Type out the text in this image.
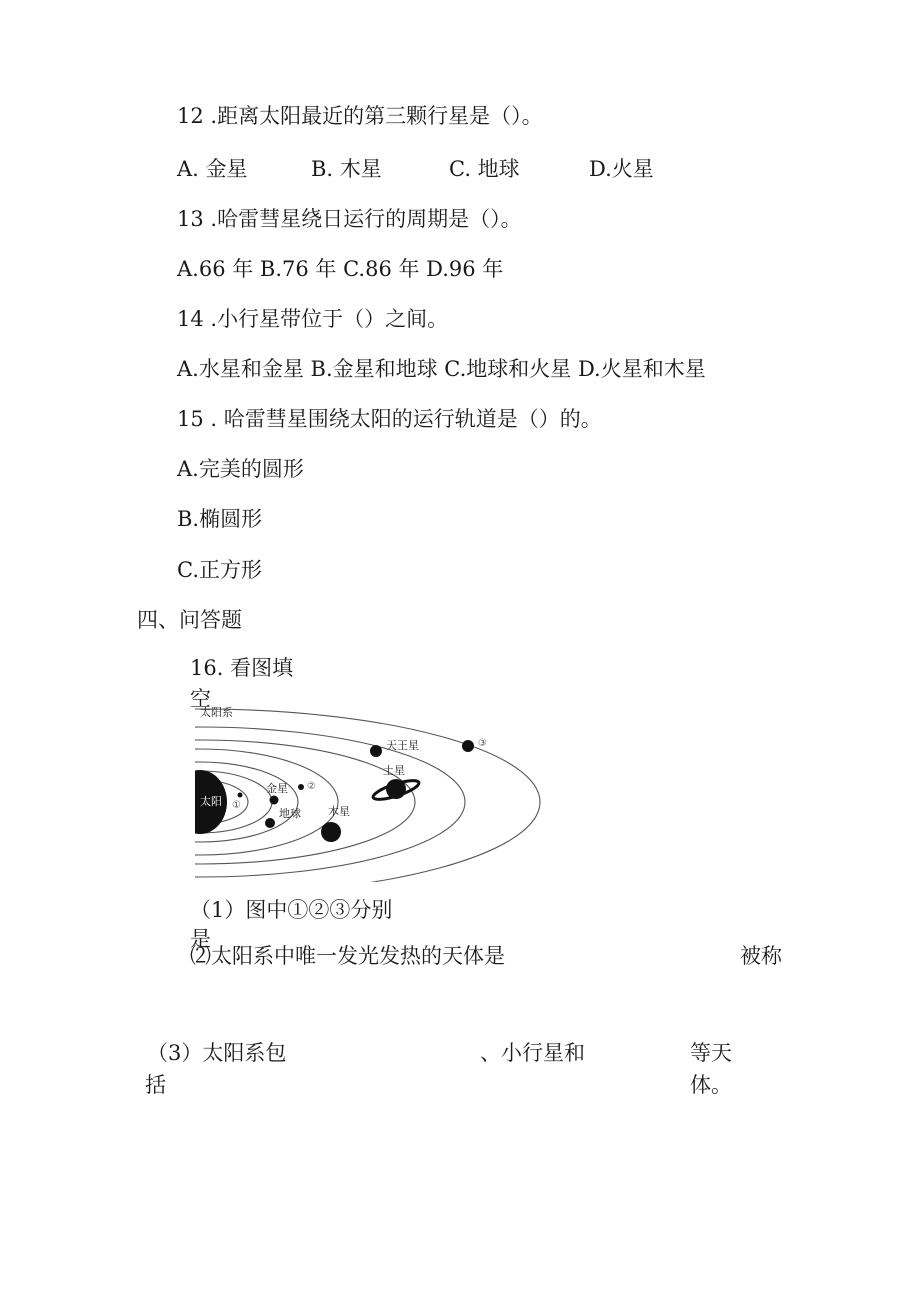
12 .距离太阳最近的第三颗行星是（）。
A. 金星	B. 木星	C. 地球	D.火星
13 .哈雷彗星绕日运行的周期是（）。
A.66 年 B.76 年 C.86 年 D.96 年
14 .小行星带位于（）之间。
A.水星和金星 B.金星和地球 C.地球和火星 D.火星和木星
15 . 哈雷彗星围绕太阳的运行轨道是（）的。
A.完美的圆形
B.椭圆形
C.正方形
四、问答题
16. 看图填
空
太阳系
太阳 ①
金星 ②
地球 木星
土星
天王星	③
（1）图中①②③分别
是
⑵太阳系中唯一发光发热的天体是	被称
（3）太阳系包
括
、小行星和	等天
体。
